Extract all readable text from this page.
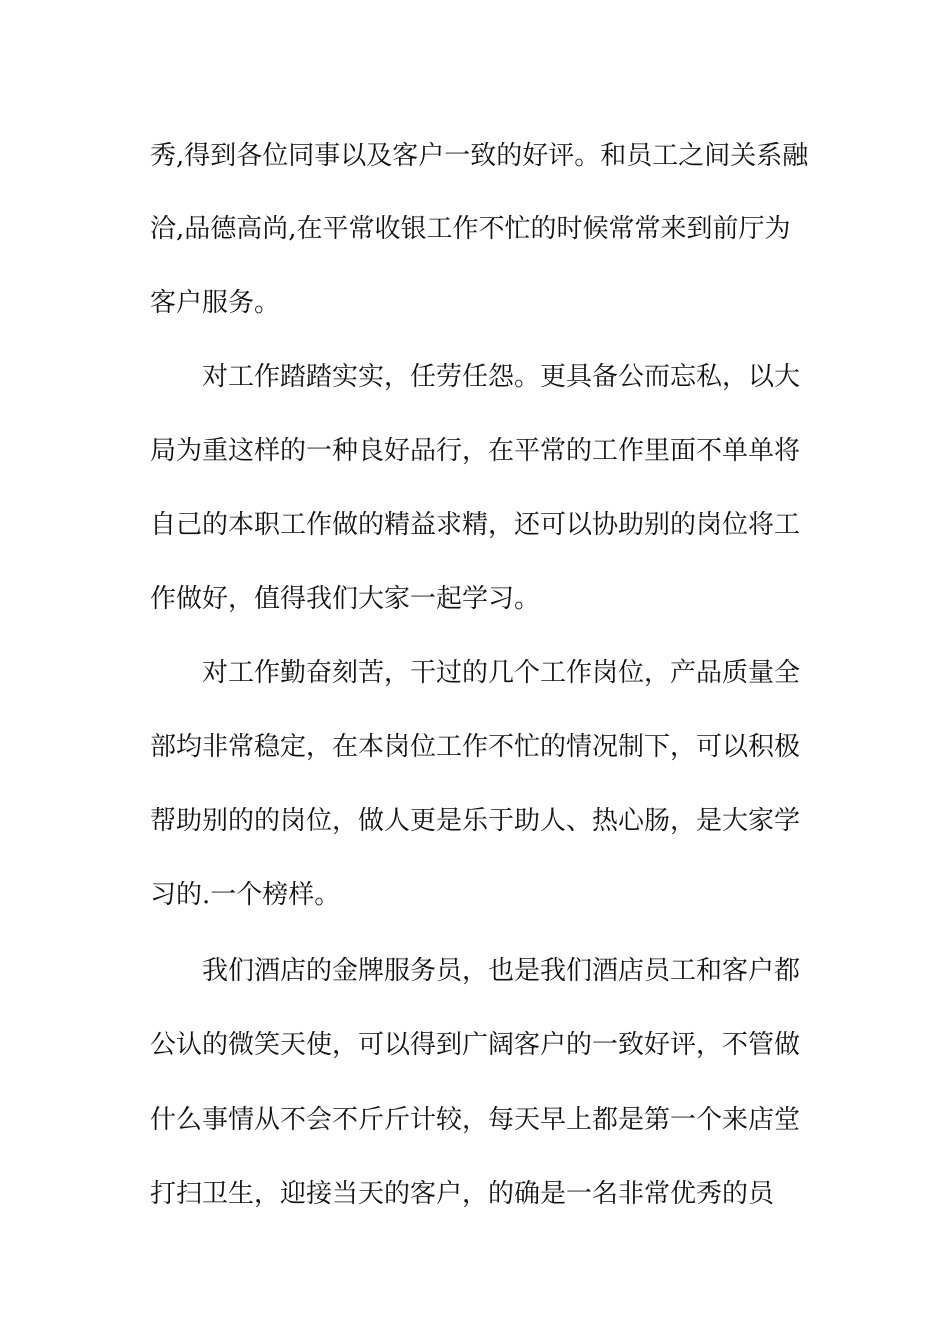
秀,得到各位同事以及客户一致的好评。和员工之间关系融
洽,品德高尚,在平常收银工作不忙的时候常常来到前厅为
客户服务。
对工作踏踏实实，任劳任怨。更具备公而忘私，以大
局为重这样的一种良好品行，在平常的工作里面不单单将
自己的本职工作做的精益求精，还可以协助别的岗位将工
作做好，值得我们大家一起学习。
对工作勤奋刻苦，干过的几个工作岗位，产品质量全
部均非常稳定，在本岗位工作不忙的情况制下，可以积极
帮助别的的岗位，做人更是乐于助人、热心肠，是大家学
习的.一个榜样。
我们酒店的金牌服务员，也是我们酒店员工和客户都
公认的微笑天使，可以得到广阔客户的一致好评，不管做
什么事情从不会不斤斤计较，每天早上都是第一个来店堂
打扫卫生，迎接当天的客户，的确是一名非常优秀的员
